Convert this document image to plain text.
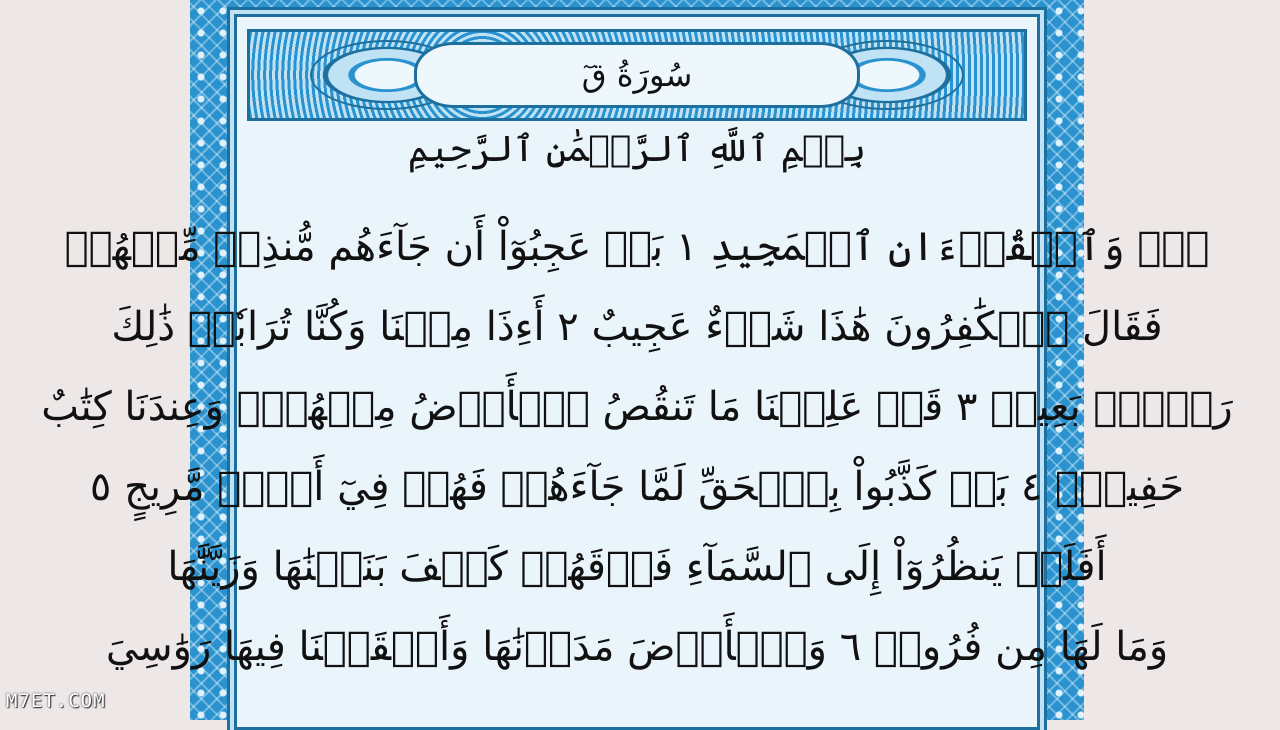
سُورَةُ قٓ
بِسۡمِ ٱللَّهِ ٱلرَّحۡمَٰنِ ٱلرَّحِيمِ
قٓۚ وَٱلۡقُرۡءَانِ ٱلۡمَجِيدِ ١ بَلۡ عَجِبُوٓاْ أَن جَآءَهُم مُّنذِرٞ مِّنۡهُمۡ
فَقَالَ ٱلۡكَٰفِرُونَ هَٰذَا شَيۡءٌ عَجِيبٌ ٢ أَءِذَا مِتۡنَا وَكُنَّا تُرَابٗاۖ ذَٰلِكَ
رَجۡعُۢ بَعِيدٞ ٣ قَدۡ عَلِمۡنَا مَا تَنقُصُ ٱلۡأَرۡضُ مِنۡهُمۡۖ وَعِندَنَا كِتَٰبٌ
حَفِيظُۢ ٤ بَلۡ كَذَّبُواْ بِٱلۡحَقِّ لَمَّا جَآءَهُمۡ فَهُمۡ فِيٓ أَمۡرٖ مَّرِيجٍ ٥
أَفَلَمۡ يَنظُرُوٓاْ إِلَى ٱلسَّمَآءِ فَوۡقَهُمۡ كَيۡفَ بَنَيۡنَٰهَا وَزَيَّنَّٰهَا
وَمَا لَهَا مِن فُرُوجٖ ٦ وَٱلۡأَرۡضَ مَدَدۡنَٰهَا وَأَلۡقَيۡنَا فِيهَا رَوَٰسِيَ
M7ET.COM
